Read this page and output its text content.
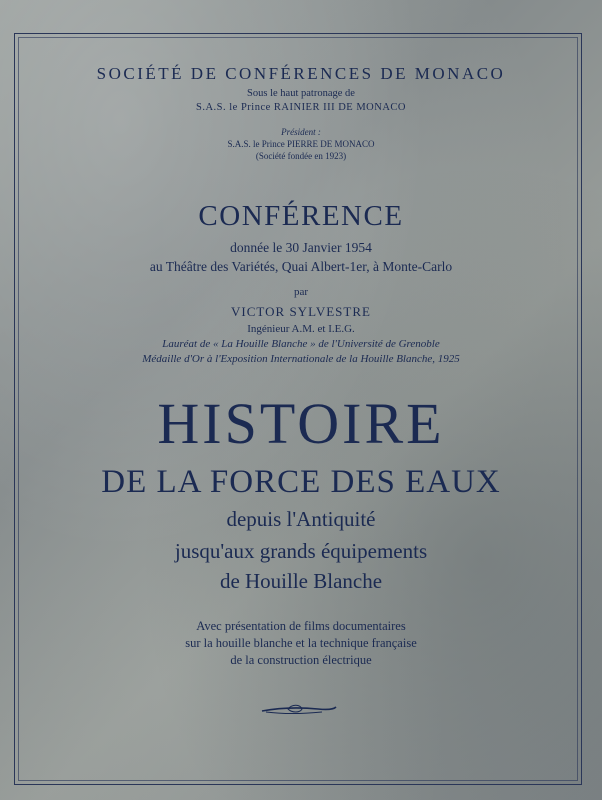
SOCIÉTÉ DE CONFÉRENCES DE MONACO
Sous le haut patronage de
S.A.S. le Prince RAINIER III DE MONACO
Président :
S.A.S. le Prince PIERRE DE MONACO
(Société fondée en 1923)
CONFÉRENCE
donnée le 30 Janvier 1954
au Théâtre des Variétés, Quai Albert-1er, à Monte-Carlo
par
VICTOR SYLVESTRE
Ingénieur A.M. et I.E.G.
Lauréat de « La Houille Blanche » de l'Université de Grenoble
Médaille d'Or à l'Exposition Internationale de la Houille Blanche, 1925
HISTOIRE
DE LA FORCE DES EAUX
depuis l'Antiquité
jusqu'aux grands équipements
de Houille Blanche
Avec présentation de films documentaires
sur la houille blanche et la technique française
de la construction électrique
